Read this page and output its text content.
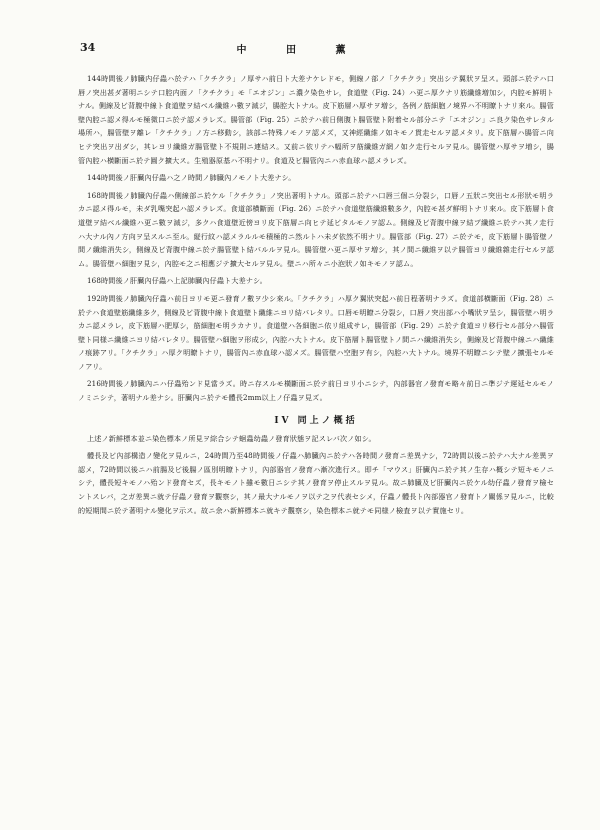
34	中 田 薫

144時間後ノ肺臓内仔蟲ハ於テハ「クチクラ」ノ厚サハ前日ト大差ナケレドモ，側線ノ部ノ「クチクラ」突出シテ翼狀ヲ呈ス。頭部ニ於テハ口唇ノ突出甚ダ著明ニシテ口腔内面ノ「クチクラ」モ「エオジン」ニ濃ク染色サレ，食道壁（Fig. 24）ハ更ニ厚クナリ筋纖維増加シ，内腔モ鮮明トナル。側線及ビ背腹中線ト食道壁ヲ結ベル纖維ハ數ヲ減ジ，腸腔大トナル。皮下筋層ハ厚サヲ増シ，各例ノ筋細胞ノ境界ハ不明瞭トナリ來ル。腸管壁內腔ニ認メ得ルモ極微口ニ於テ認メラレズ。腸管部（Fig. 25）ニ於テハ前日側腹ト腸管壁ト附着セル部分ニテ「エオジン」ニ良ク染色サレタル場所ハ，腸管壁ヲ離レ「クチクラ」ノ方ニ移動シ，該部ニ特殊ノモノヲ認メズ，又神經纖維ノ如キモノ貫走セルヲ認メタリ。皮下筋層ハ腸管ニ向ヒテ突出ヲ出ダシ，其レヨリ纖維ガ腸管壁ト不規則ニ連結ス。又前ニ依リテハ幅所ヲ筋纖維ガ網ノ如ク走行セルヲ見ル。腸管壁ハ厚サヲ増シ，腸管內腔ハ横斷面ニ於テ圓ク擴大ス。生殖器原基ハ不明ナリ。食道及ビ腸管內ニハ赤血球ハ認メラレズ。

144時間後ノ肝臟內仔蟲ハ之ノ時間ノ肺臓內ノモノト大差ナシ。

168時間後ノ肺臓內仔蟲ハ側線部ニ於ケル「クチクラ」ノ突出著明トナル。頭部ニ於テハ口唇三個ニ分裂シ，口唇ノ五狀ニ突出セル形狀モ明ラカニ認メ得ルモ，未ダ乳嘴突起ハ認メラレズ。食道部横斷面（Fig. 26）ニ於テハ食道壁筋纖維數多ク，內腔モ甚ダ鮮明トナリ來ル。皮下筋層ト食道壁ヲ結ベル纖維ハ更ニ數ヲ減ジ，多クハ食道壁近傍ヨリ皮下筋層ニ向ヒテ延ビタルモノヲ認ム。側線及ビ背腹中線ヲ結ブ纖維ニ於テハ其ノ走行ハ大ナル內ノ方向ヲ呈スルニ至ル。縦行紋ハ認メラルルモ積極的ニ然ルトハ未ダ依然不明ナリ。腸管部（Fig. 27）ニ於テモ，皮下筋層ト腸管壁ノ間ノ纖維消失シ，側線及ビ背腹中線ニ於テ腸管壁ト結バルルヲ見ル。腸管壁ハ更ニ厚サヲ増シ，其ノ間ニ纖維ヲ以テ腸管ヨリ纖維雜走行セルヲ認ム。腸管壁ハ細胞ヲ見シ，內腔モ之ニ相應ジテ擴大セルヲ見ル。壁ニハ所々ニ小泡狀ノ如キモノヲ認ム。

168時間後ノ肝臟內仔蟲ハ上記肺臓內仔蟲ト大差ナシ。

192時間後ノ肺臓內仔蟲ハ前日ヨリモ更ニ發育ノ數ヲ少シ來ル。「クチクラ」ハ厚ク翼狀突起ハ前日程著明ナラズ。食道部横斷面（Fig. 28）ニ於テハ食道壁筋纖維多ク，側線及ビ背腹中線ト食道壁ト纖維ニヨリ結バレタリ。口唇モ明瞭ニ分裂シ，口唇ノ突出部ハ小嘴狀ヲ呈シ，腸管壁ハ明ラカニ認メラレ，皮下筋層ハ肥厚シ，筋細胞モ明ラカナリ。食道壁ハ各細胞ニ依リ組成サレ，腸管部（Fig. 29）ニ於テ食道ヨリ移行セル部分ハ腸管壁ト同様ニ纖維ニヨリ結バレタリ。腸管壁ハ細胞ヲ形成シ，內腔ハ大トナル。皮下筋層ト腸管壁トノ間ニハ纖維消失シ，側線及ビ背腹中線ニハ纖維ノ痕跡アリ。「クチクラ」ハ厚ク明瞭トナリ，腸管內ニ赤血球ハ認メズ。腸管壁ハ空胞ヲ有シ，內腔ハ大トナル。境界不明瞭ニシテ壁ノ擴張セルモノアリ。

216時間後ノ肺臓內ニハ仔蟲殆ンド見當ラズ。時ニ存スルモ橫斷面ニ於テ前日ヨリ小ニシテ，內部器官ノ發育モ略々前日ニ準ジテ遲延セルモノノミニシテ，著明ナル差ナシ。肝臟內ニ於テモ體長2mm以上ノ仔蟲ヲ見ズ。

IV 同上ノ概括

上述ノ新鮮標本並ニ染色標本ノ所見ヲ綜合シテ蛔蟲幼蟲ノ發育狀態ヲ記スレバ次ノ如シ。

體長及ビ內部構造ノ變化ヲ見ルニ，24時間乃至48時間後ノ仔蟲ハ肺臓內ニ於テハ各時間ノ發育ニ差異ナシ，72時間以後ニ於テハ大ナル差異ヲ認メ，72時間以後ニハ前腸及ビ後腸ノ區別明瞭トナリ，內部器官ノ發育ハ漸次進行ス。即チ「マウス」肝臟內ニ於テ其ノ生存ハ概シテ短キモノニシテ，體長短キモノハ殆ンド發育セズ，長キモノト雖モ數日ニシテ其ノ發育ヲ停止スルヲ見ル。故ニ肺臓及ビ肝臟內ニ於ケル幼仔蟲ノ發育ヲ檢セントスレバ，之ガ差異ニ就テ仔蟲ノ發育ヲ觀察シ，其ノ最大ナルモノヲ以テ之ヲ代表セシメ，仔蟲ノ體長ト內部器官ノ發育トノ關係ヲ見ルニ，比較的短期間ニ於テ著明ナル變化ヲ示ス。故ニ余ハ新鮮標本ニ就キテ觀察シ，染色標本ニ就テモ同様ノ檢査ヲ以テ實施セリ。
